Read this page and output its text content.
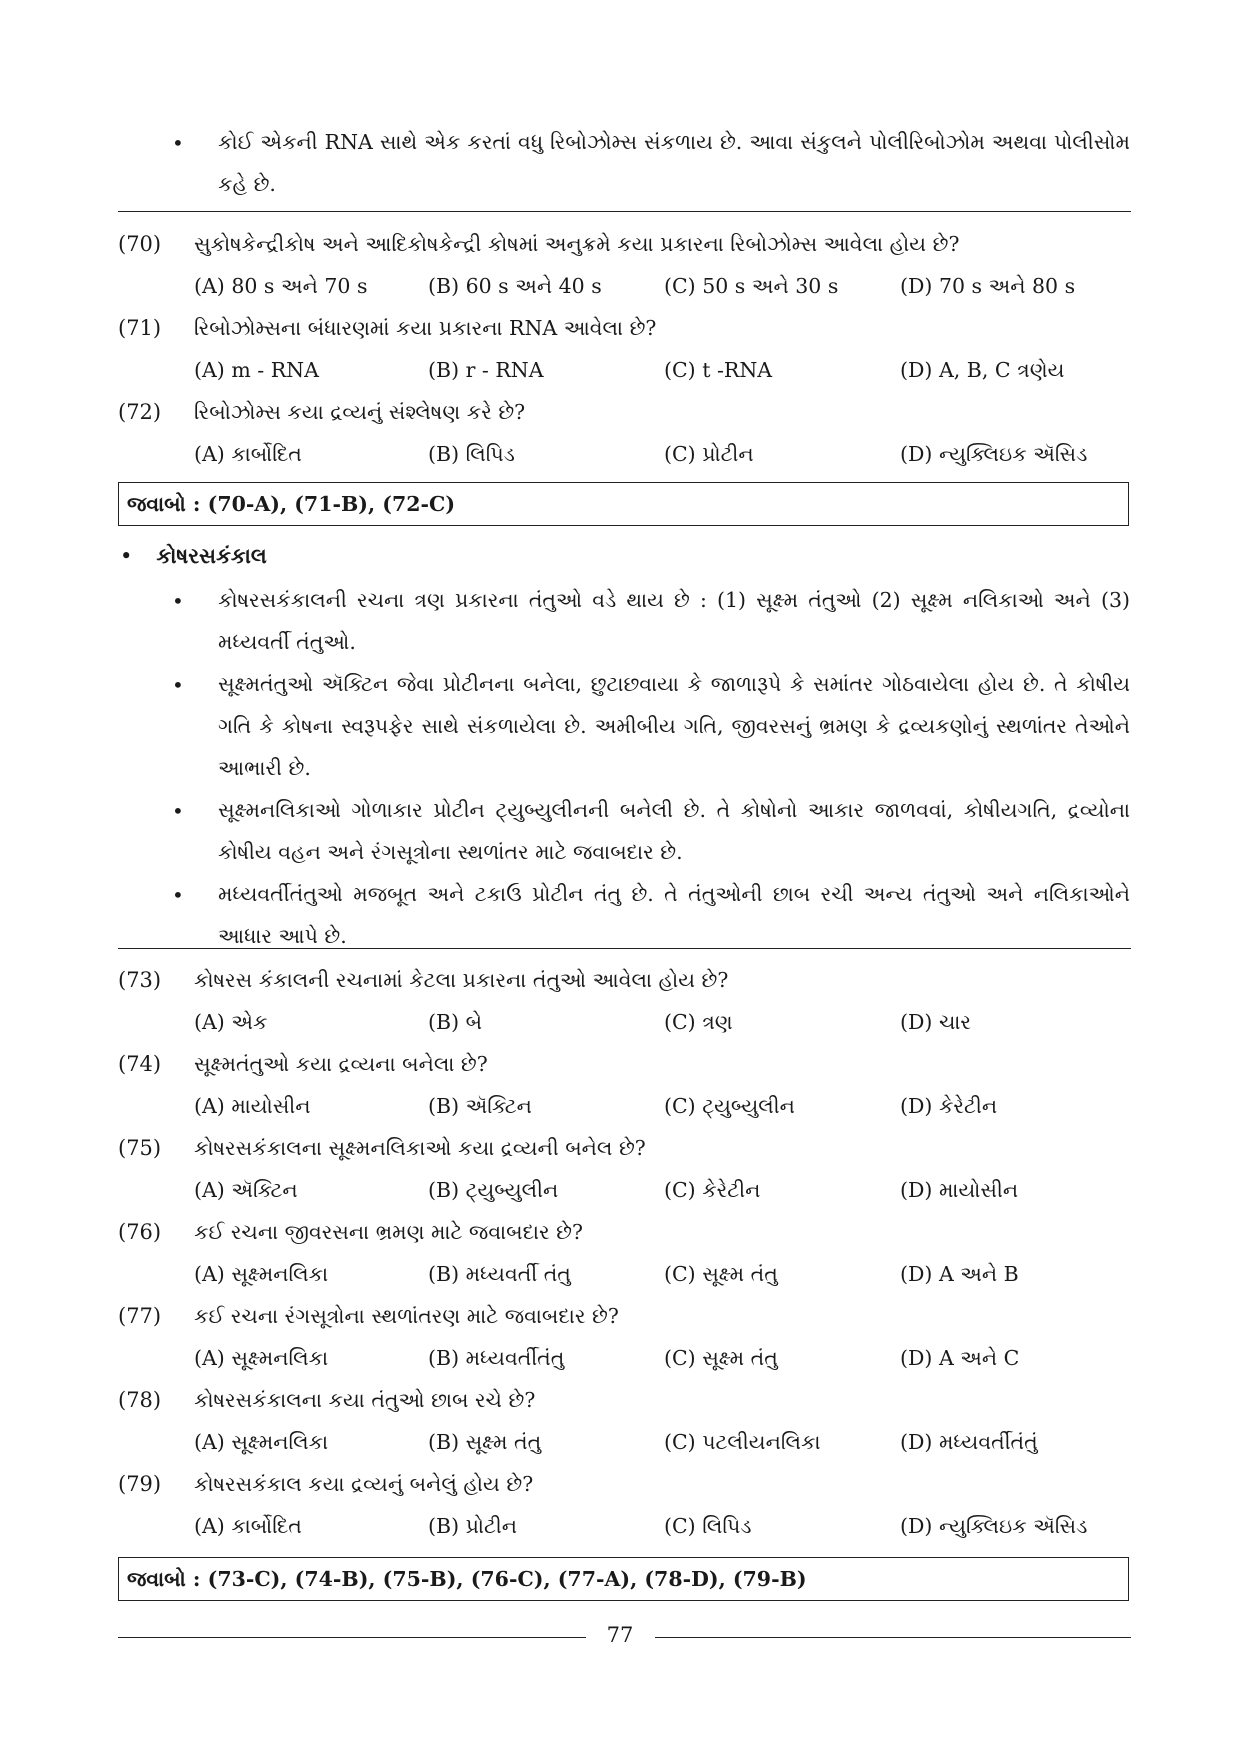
• કોઈ એકની RNA સાથે એક કરતાં વધુ રિબોઝોમ્સ સંકળાય છે. આવા સંકુલને પોલીરિબોઝોમ અથવા પોલીસોમ કહે છે.
(70) સુકોષકેન્દ્રીકોષ અને આદિકોષકેન્દ્રી કોષમાં અનુક્રમે કયા પ્રકારના રિબોઝોમ્સ આવેલા હોય છે?
(A) 80 s અને 70 s	(B) 60 s અને 40 s	(C) 50 s અને 30 s	(D) 70 s અને 80 s
(71) રિબોઝોમ્સના બંધારણમાં કયા પ્રકારના RNA આવેલા છે?
(A) m - RNA	(B) r - RNA	(C) t -RNA	(D) A, B, C ત્રણેય
(72) રિબોઝોમ્સ કયા દ્રવ્યનું સંશ્લેષણ કરે છે?
(A) કાર્બોદિત	(B) લિપિડ	(C) પ્રોટીન	(D) ન્યુક્લિઇક ઍસિડ
જવાબો : (70-A), (71-B), (72-C)
• કોષરસકંકાલ
• કોષરસકંકાલની રચના ત્રણ પ્રકારના તંતુઓ વડે થાય છે : (1) સૂક્ષ્મ તંતુઓ (2) સૂક્ષ્મ નલિકાઓ અને (3) મધ્યવર્તી તંતુઓ.
• સૂક્ષ્મતંતુઓ ઍક્ટિન જેવા પ્રોટીનના બનેલા, છુટાછવાયા કે જાળારૂપે કે સમાંતર ગોઠવાયેલા હોય છે. તે કોષીય ગતિ કે કોષના સ્વરૂપફેર સાથે સંકળાયેલા છે. અમીબીય ગતિ, જીવરસનું ભ્રમણ કે દ્રવ્યકણોનું સ્થળાંતર તેઓને આભારી છે.
• સૂક્ષ્મનલિકાઓ ગોળાકાર પ્રોટીન ટ્યુબ્યુલીનની બનેલી છે. તે કોષોનો આકાર જાળવવાં, કોષીયગતિ, દ્રવ્યોના કોષીય વહન અને રંગસૂત્રોના સ્થળાંતર માટે જવાબદાર છે.
• મધ્યવર્તીતંતુઓ મજબૂત અને ટકાઉ પ્રોટીન તંતુ છે. તે તંતુઓની છાબ રચી અન્ય તંતુઓ અને નલિકાઓને આધાર આપે છે.
(73) કોષરસ કંકાલની રચનામાં કેટલા પ્રકારના તંતુઓ આવેલા હોય છે?
(A) એક	(B) બે	(C) ત્રણ	(D) ચાર
(74) સૂક્ષ્મતંતુઓ કયા દ્રવ્યના બનેલા છે?
(A) માયોસીન	(B) ઍક્ટિન	(C) ટ્યુબ્યુલીન	(D) કેરેટીન
(75) કોષરસકંકાલના સૂક્ષ્મનલિકાઓ કયા દ્રવ્યની બનેલ છે?
(A) ઍક્ટિન	(B) ટ્યુબ્યુલીન	(C) કેરેટીન	(D) માયોસીન
(76) કઈ રચના જીવરસના ભ્રમણ માટે જવાબદાર છે?
(A) સૂક્ષ્મનલિકા	(B) મધ્યવર્તી તંતુ	(C) સૂક્ષ્મ તંતુ	(D) A અને B
(77) કઈ રચના રંગસૂત્રોના સ્થળાંતરણ માટે જવાબદાર છે?
(A) સૂક્ષ્મનલિકા	(B) મધ્યવર્તીતંતુ	(C) સૂક્ષ્મ તંતુ	(D) A અને C
(78) કોષરસકંકાલના કયા તંતુઓ છાબ રચે છે?
(A) સૂક્ષ્મનલિકા	(B) સૂક્ષ્મ તંતુ	(C) પટલીયનલિકા	(D) મધ્યવર્તીતંતું
(79) કોષરસકંકાલ કયા દ્રવ્યનું બનેલું હોય છે?
(A) કાર્બોદિત	(B) પ્રોટીન	(C) લિપિડ	(D) ન્યુક્લિઇક ઍસિડ
જવાબો : (73-C), (74-B), (75-B), (76-C), (77-A), (78-D), (79-B)
77
